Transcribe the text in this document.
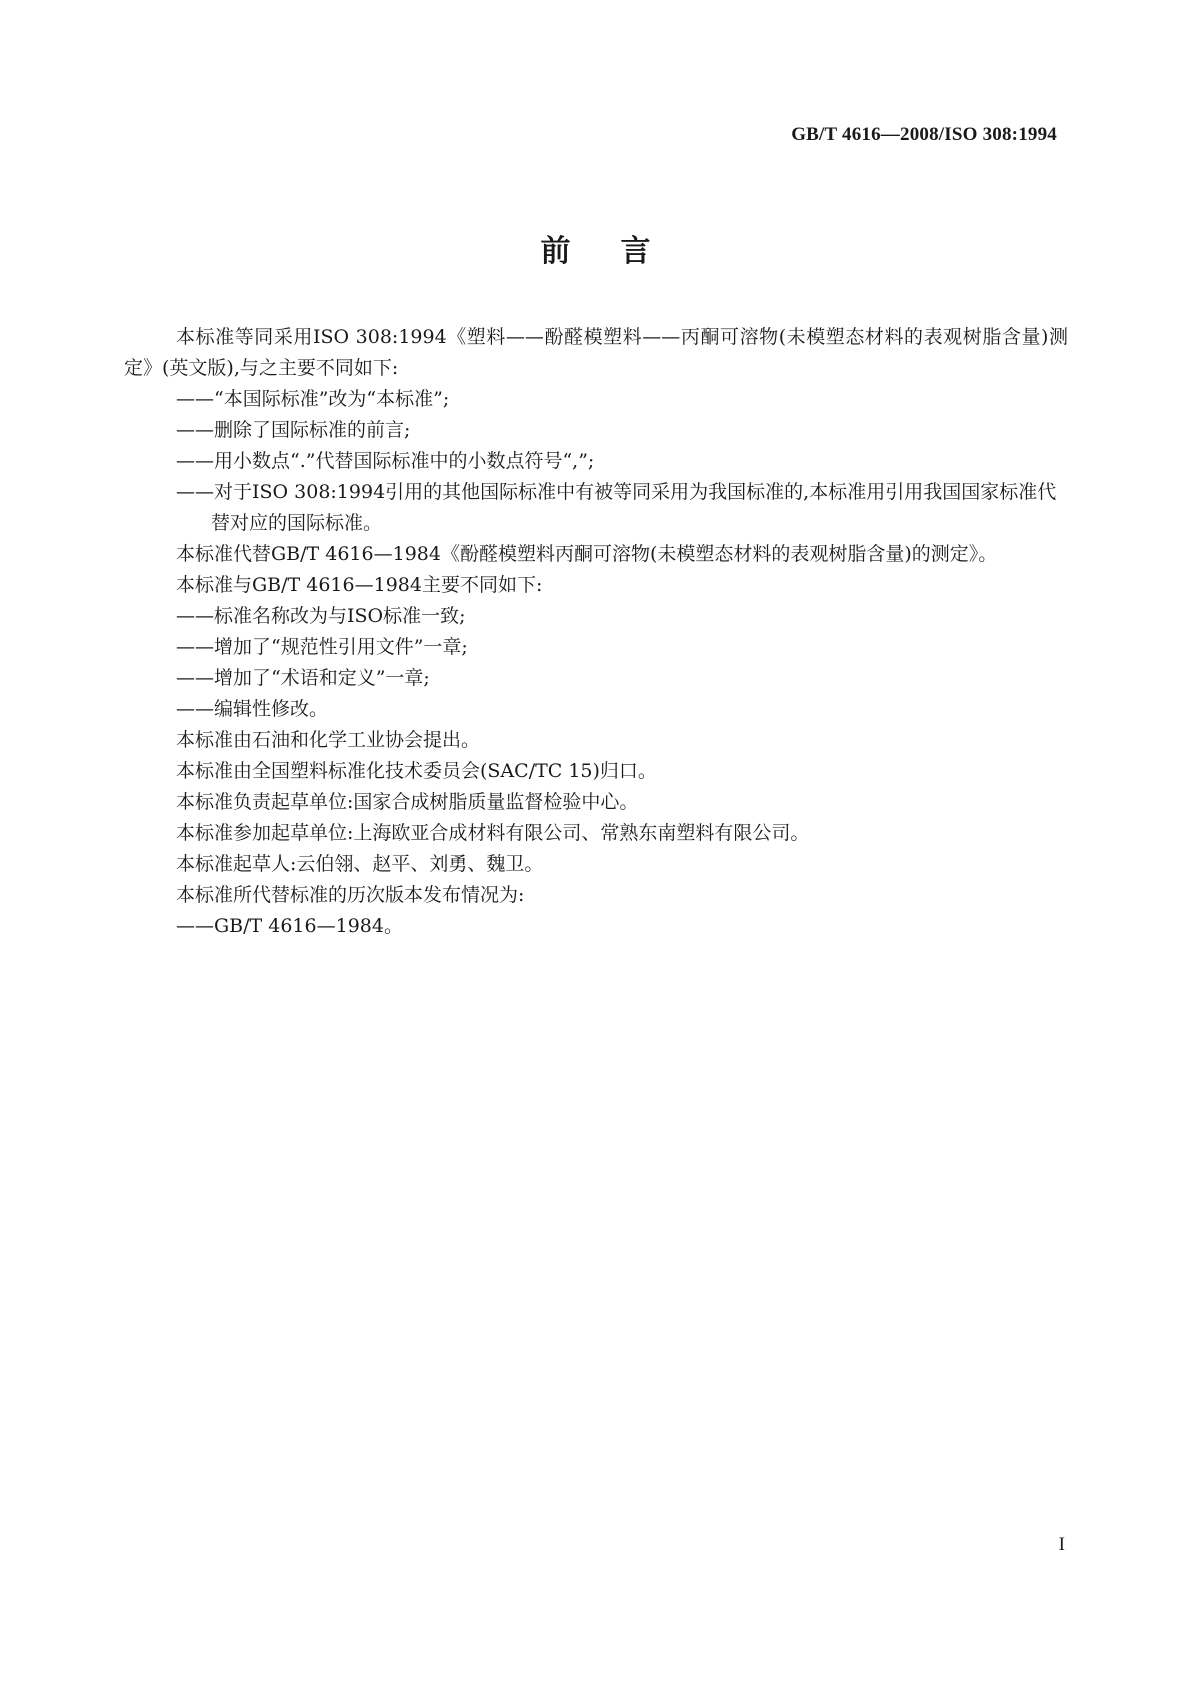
GB/T 4616—2008/ISO 308:1994
前言

本标准等同采用ISO 308:1994《塑料——酚醛模塑料——丙酮可溶物(未模塑态材料的表观树脂含量)测定》(英文版),与之主要不同如下:

——“本国际标准”改为“本标准”;

——删除了国际标准的前言;

——用小数点“.”代替国际标准中的小数点符号“,”;

——对于ISO 308:1994引用的其他国际标准中有被等同采用为我国标准的,本标准用引用我国国家标准代替对应的国际标准。

本标准代替GB/T 4616—1984《酚醛模塑料丙酮可溶物(未模塑态材料的表观树脂含量)的测定》。

本标准与GB/T 4616—1984主要不同如下:

——标准名称改为与ISO标准一致;

——增加了“规范性引用文件”一章;

——增加了“术语和定义”一章;

——编辑性修改。

本标准由石油和化学工业协会提出。

本标准由全国塑料标准化技术委员会(SAC/TC 15)归口。

本标准负责起草单位:国家合成树脂质量监督检验中心。

本标准参加起草单位:上海欧亚合成材料有限公司、常熟东南塑料有限公司。

本标准起草人:云伯翎、赵平、刘勇、魏卫。

本标准所代替标准的历次版本发布情况为:

——GB/T 4616—1984。

I
